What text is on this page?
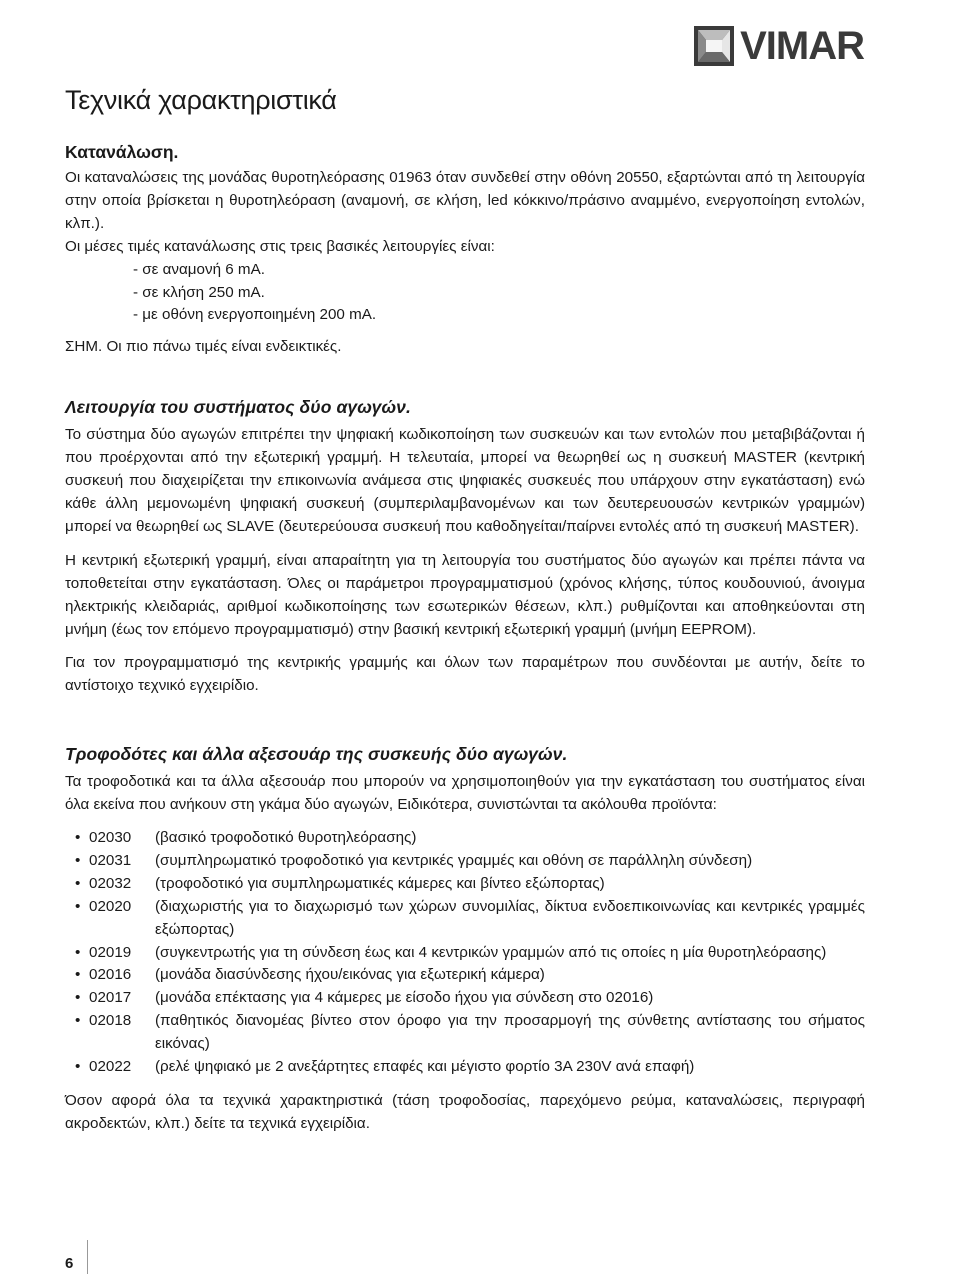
VIMAR
Τεχνικά χαρακτηριστικά
Κατανάλωση.

Οι καταναλώσεις της μονάδας θυροτηλεόρασης 01963 όταν συνδεθεί στην οθόνη 20550, εξαρτώνται από τη λειτουργία στην οποία βρίσκεται η θυροτηλεόραση (αναμονή, σε κλήση, led κόκκινο/πράσινο αναμμένο, ενεργοποίηση εντολών, κλπ.).

Οι μέσες τιμές κατανάλωσης στις τρεις βασικές λειτουργίες είναι:

- σε αναμονή 6 mA.

- σε κλήση 250 mA.

- με οθόνη ενεργοποιημένη 200 mA.

ΣΗΜ. Οι πιο πάνω τιμές είναι ενδεικτικές.

Λειτουργία του συστήματος δύο αγωγών.

Το σύστημα δύο αγωγών επιτρέπει την ψηφιακή κωδικοποίηση των συσκευών και των εντολών που μεταβιβάζονται ή που προέρχονται από την εξωτερική γραμμή. Η τελευταία, μπορεί να θεωρηθεί ως η συσκευή MASTER (κεντρική συσκευή που διαχειρίζεται την επικοινωνία ανάμεσα στις ψηφιακές συσκευές που υπάρχουν στην εγκατάσταση) ενώ κάθε άλλη μεμονωμένη ψηφιακή συσκευή (συμπεριλαμβανομένων και των δευτερευουσών κεντρικών γραμμών) μπορεί να θεωρηθεί ως SLAVE (δευτερεύουσα συσκευή που καθοδηγείται/παίρνει εντολές από τη συσκευή MASTER).

Η κεντρική εξωτερική γραμμή, είναι απαραίτητη για τη λειτουργία του συστήματος δύο αγωγών και πρέπει πάντα να τοποθετείται στην εγκατάσταση. Όλες οι παράμετροι προγραμματισμού (χρόνος κλήσης, τύπος κουδουνιού, άνοιγμα ηλεκτρικής κλειδαριάς, αριθμοί κωδικοποίησης των εσωτερικών θέσεων, κλπ.) ρυθμίζονται και αποθηκεύονται στη μνήμη (έως τον επόμενο προγραμματισμό) στην βασική κεντρική εξωτερική γραμμή (μνήμη EEPROM).

Για τον προγραμματισμό της κεντρικής γραμμής και όλων των παραμέτρων που συνδέονται με αυτήν, δείτε το αντίστοιχο τεχνικό εγχειρίδιο.

Τροφοδότες και άλλα αξεσουάρ της συσκευής δύο αγωγών.

Τα τροφοδοτικά και τα άλλα αξεσουάρ που μπορούν να χρησιμοποιηθούν για την εγκατάσταση του συστήματος είναι όλα εκείνα που ανήκουν στη γκάμα δύο αγωγών, Ειδικότερα, συνιστώνται τα ακόλουθα προϊόντα:

• 02030	(βασικό τροφοδοτικό θυροτηλεόρασης)
• 02031	(συμπληρωματικό τροφοδοτικό για κεντρικές γραμμές και οθόνη σε παράλληλη σύνδεση)
• 02032	(τροφοδοτικό για συμπληρωματικές κάμερες και βίντεο εξώπορτας)
• 02020	(διαχωριστής για το διαχωρισμό των χώρων συνομιλίας, δίκτυα ενδοεπικοινωνίας και κεντρικές γραμμές εξώπορτας)
• 02019	(συγκεντρωτής για τη σύνδεση έως και 4 κεντρικών γραμμών από τις οποίες η μία θυροτηλεόρασης)
• 02016	(μονάδα διασύνδεσης ήχου/εικόνας για εξωτερική κάμερα)
• 02017	(μονάδα επέκτασης για 4 κάμερες με είσοδο ήχου για σύνδεση στο 02016)
• 02018	(παθητικός διανομέας βίντεο στον όροφο για την προσαρμογή της σύνθετης αντίστασης του σήματος εικόνας)
• 02022	(ρελέ ψηφιακό με 2 ανεξάρτητες επαφές και μέγιστο φορτίο 3A 230V ανά επαφή)

Όσον αφορά όλα τα τεχνικά χαρακτηριστικά (τάση τροφοδοσίας, παρεχόμενο ρεύμα, καταναλώσεις, περιγραφή ακροδεκτών, κλπ.) δείτε τα τεχνικά εγχειρίδια.

6
